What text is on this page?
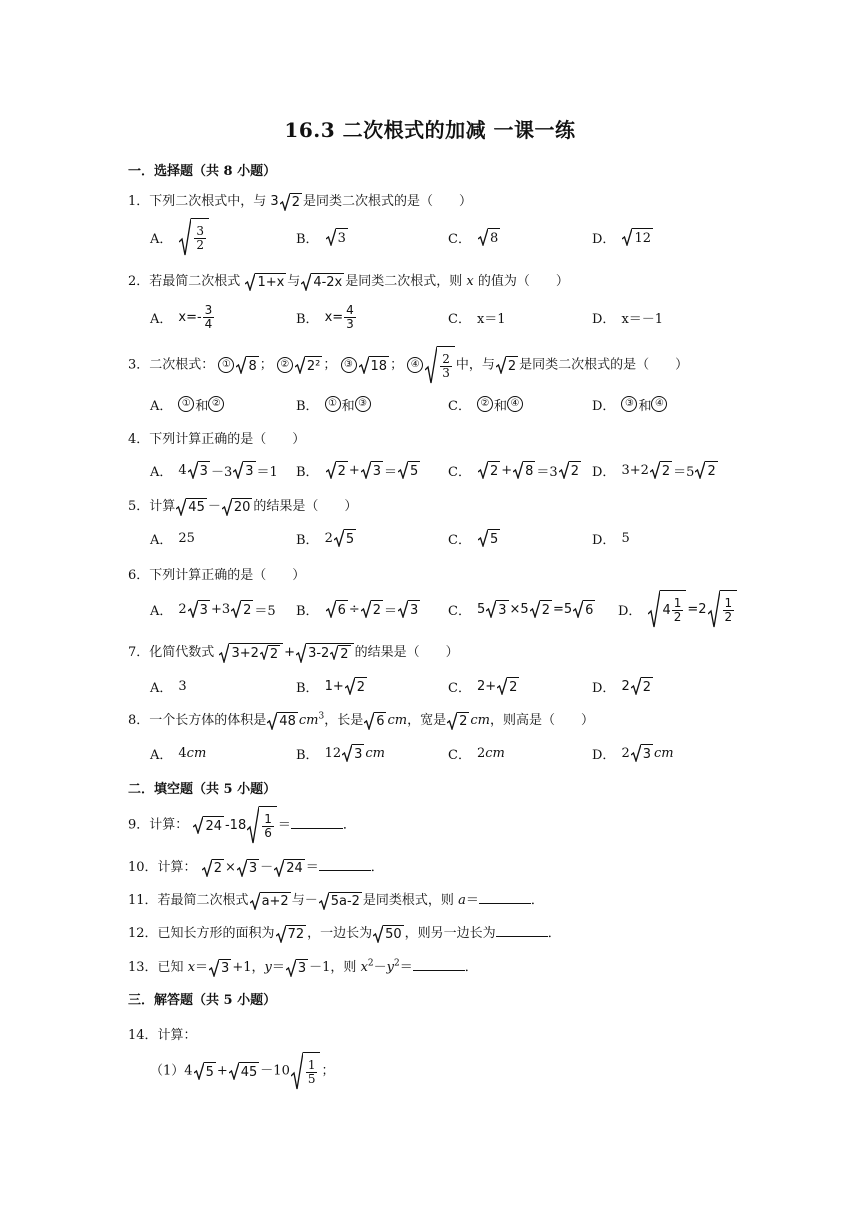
16.3 二次根式的加减 一课一练
一．选择题（共 8 小题）
1．下列二次根式中，与 3 2 是同类二次根式的是（　　）
A． $\frac{3}{2}$	B． 3	C． 8	D． 12
2．若最简二次根式 1+x 与 4-2x 是同类二次根式，则 x 的值为（　　）
A． $x=- \frac{3}{4}$	B． $x= \frac{4}{3}$	C． x＝1	D． x＝－1
3．二次根式： ① 8 ； ② 2² ； ③ 18 ； ④ $\frac{2}{3}$ 中，与 2 是同类二次根式的是（　　）
A． ① 和 ②	B． ① 和 ③	C． ② 和 ④	D． ③ 和 ④
4．下列计算正确的是（　　）
A． 4 3 －3 3 ＝1 B． 2 + 3 ＝ 5 C． 2 + 8 ＝3 2 D． 3+2 2 ＝5 2
5．计算 45 － 20 的结果是（　　）
A． 25	B． 2 5	C． 5	D． 5
6．下列计算正确的是（　　）
A． 2 3 +3 2 ＝5 B． 6 ÷ 2 ＝ 3 C． 5 3 ×5 2 =5 6 D． $4 \frac{1}{2} =2 \frac{1}{2}$
7．化简代数式 3+2 2 + 3-2 2 的结果是（　　）
A． 3	B． 1+ 2	C． 2+ 2	D． 2 2
8．一个长方体的体积是 48 $cm^3$，长是 6 cm，宽是 2 cm，则高是（　　）
A． 4 cm	B． 12 3 cm	C． 2 cm	D． 2 3 cm
二．填空题（共 5 小题）
9．计算： 24 $-18 \frac{1}{6}$ ＝	．
10．计算： 2 × 3 － 24 ＝	．
11．若最简二次根式 a+2 与－ 5a-2 是同类根式，则 a＝	．
12．已知长方形的面积为 72 ，一边长为 50 ，则另一边长为	．
13．已知 x＝ 3 +1，y＝ 3 －1，则 $x^2-y^2=$	．
三．解答题（共 5 小题）
14．计算：
（1）4 $5 + 45 -10 \frac{1}{5}$ ；
